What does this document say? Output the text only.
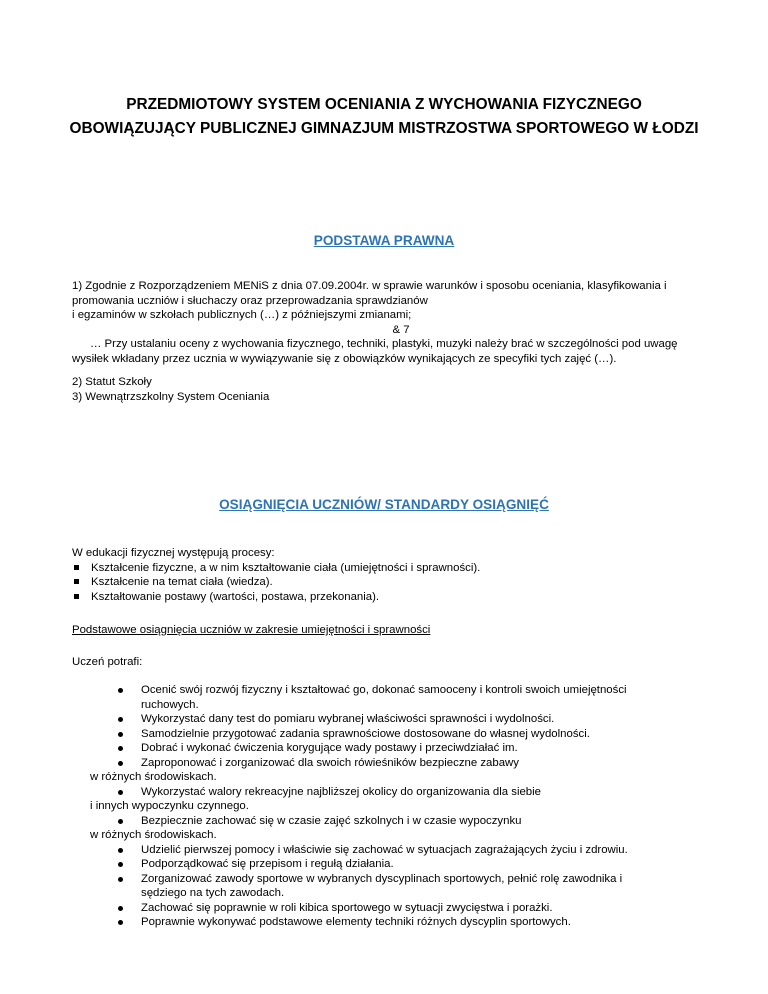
PRZEDMIOTOWY SYSTEM OCENIANIA Z WYCHOWANIA FIZYCZNEGO
OBOWIĄZUJĄCY PUBLICZNEJ GIMNAZJUM MISTRZOSTWA SPORTOWEGO W ŁODZI
PODSTAWA PRAWNA
1) Zgodnie z Rozporządzeniem MENiS z dnia 07.09.2004r. w sprawie warunków i sposobu oceniania, klasyfikowania i
promowania uczniów i słuchaczy oraz przeprowadzania sprawdzianów
i egzaminów w szkołach publicznych (…) z późniejszymi zmianami;
& 7
… Przy ustalaniu oceny z wychowania fizycznego, techniki, plastyki, muzyki należy brać w szczególności pod uwagę
wysiłek wkładany przez ucznia w wywiązywanie się z obowiązków wynikających ze specyfiki tych zajęć (…).
2) Statut Szkoły
3) Wewnątrzszkolny System Oceniania
OSIĄGNIĘCIA UCZNIÓW/ STANDARDY OSIĄGNIĘĆ
W edukacji fizycznej występują procesy:
Kształcenie fizyczne, a w nim kształtowanie ciała (umiejętności i sprawności).
Kształcenie na temat ciała (wiedza).
Kształtowanie postawy (wartości, postawa, przekonania).
Podstawowe osiągnięcia uczniów w zakresie umiejętności i sprawności
Uczeń potrafi:
Ocenić swój rozwój fizyczny i kształtować go, dokonać samooceny i kontroli swoich umiejętności
ruchowych.
Wykorzystać dany test do pomiaru wybranej właściwości sprawności i wydolności.
Samodzielnie przygotować zadania sprawnościowe dostosowane do własnej wydolności.
Dobrać i wykonać ćwiczenia korygujące wady postawy i przeciwdziałać im.
Zaproponować i zorganizować dla swoich rówieśników bezpieczne zabawy
w różnych środowiskach.
Wykorzystać walory rekreacyjne najbliższej okolicy do organizowania dla siebie
i innych wypoczynku czynnego.
Bezpiecznie zachować się w czasie zajęć szkolnych i w czasie wypoczynku
w różnych środowiskach.
Udzielić pierwszej pomocy i właściwie się zachować w sytuacjach zagrażających życiu i zdrowiu.
Podporządkować się przepisom i regułą działania.
Zorganizować zawody sportowe w wybranych dyscyplinach sportowych, pełnić rolę zawodnika i
sędziego na tych zawodach.
Zachować się poprawnie w roli kibica sportowego w sytuacji zwycięstwa i porażki.
Poprawnie wykonywać podstawowe elementy techniki różnych dyscyplin sportowych.
